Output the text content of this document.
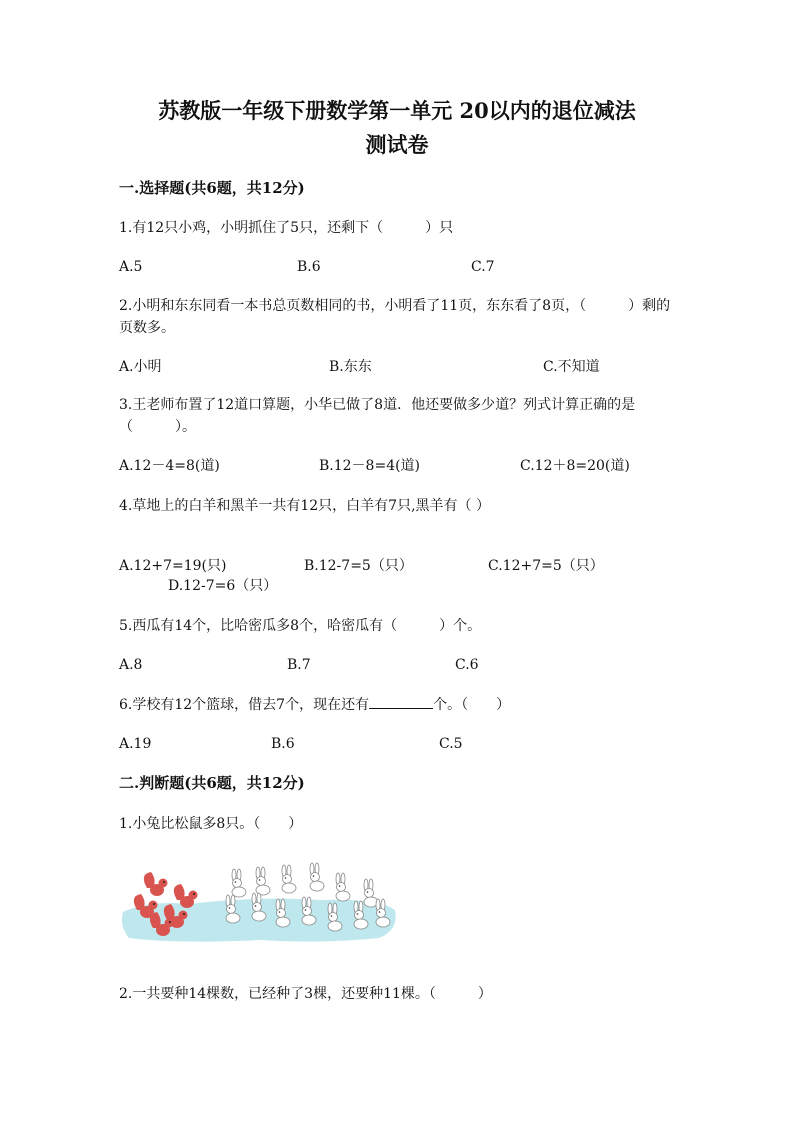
苏教版一年级下册数学第一单元 20以内的退位减法
测试卷
一.选择题(共6题，共12分)
1.有12只小鸡，小明抓住了5只，还剩下（　　　）只
A.5	B.6	C.7
2.小明和东东同看一本书总页数相同的书，小明看了11页，东东看了8页，（　　　）剩的页数多。
A.小明	B.东东	C.不知道
3.王老师布置了12道口算题，小华已做了8道．他还要做多少道？列式计算正确的是（　　　）。
A.12－4=8(道)	B.12－8=4(道)	C.12＋8=20(道)
4.草地上的白羊和黑羊一共有12只，白羊有7只,黑羊有（ ）
A.12+7=19(只)	B.12-7=5（只）	C.12+7=5（只）
D.12-7=6（只）
5.西瓜有14个，比哈密瓜多8个，哈密瓜有（　　　）个。
A.8	B.7	C.6
6.学校有12个篮球，借去7个，现在还有	个。（　　）
A.19	B.6	C.5
二.判断题(共6题，共12分)
1.小兔比松鼠多8只。（　　）
2.一共要种14棵数，已经种了3棵，还要种11棵。（　　　）
